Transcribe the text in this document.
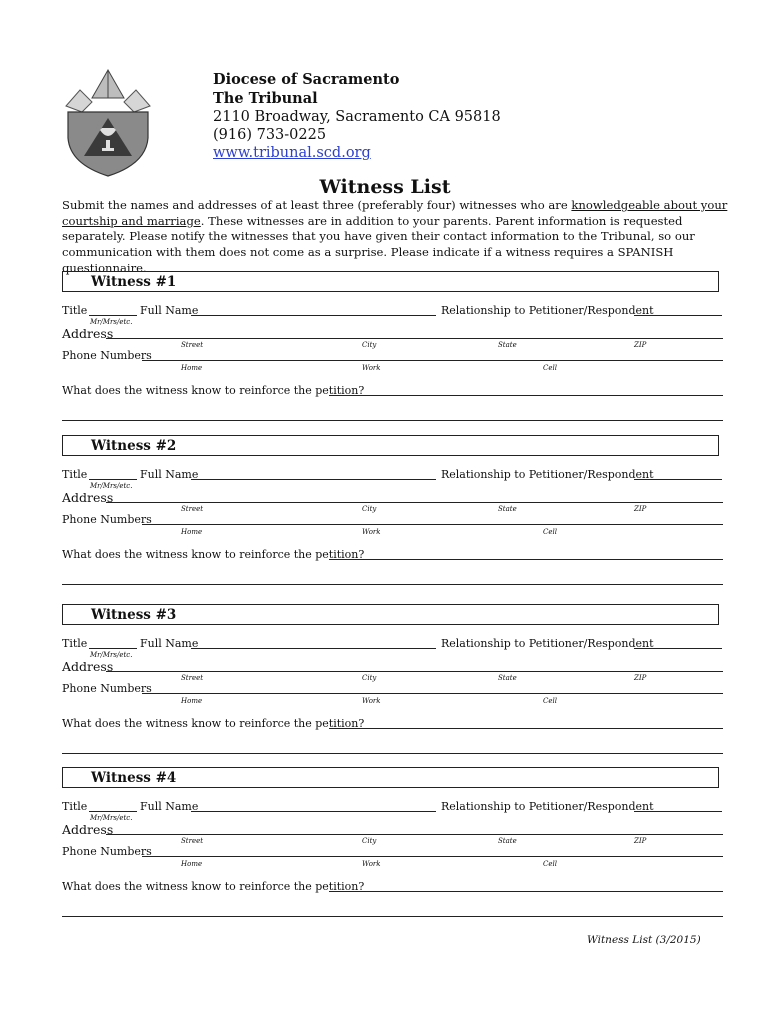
Diocese of Sacramento
The Tribunal
2110 Broadway, Sacramento CA 95818
(916) 733-0225
www.tribunal.scd.org
Witness List
Submit the names and addresses of at least three (preferably four) witnesses who are knowledgeable about your courtship and marriage. These witnesses are in addition to your parents. Parent information is requested separately. Please notify the witnesses that you have given their contact information to the Tribunal, so our communication with them does not come as a surprise. Please indicate if a witness requires a SPANISH questionnaire.
Witness #1
Title
Mr/Mrs/etc.
Full Name	Relationship to Petitioner/Respondent
Address
Street	City	State	ZIP
Phone Numbers
Home	Work	Cell
What does the witness know to reinforce the petition?
Witness #2
Title
Mr/Mrs/etc.
Full Name	Relationship to Petitioner/Respondent
Address
Street	City	State	ZIP
Phone Numbers
Home	Work	Cell
What does the witness know to reinforce the petition?
Witness #3
Title
Mr/Mrs/etc.
Full Name	Relationship to Petitioner/Respondent
Address
Street	City	State	ZIP
Phone Numbers
Home	Work	Cell
What does the witness know to reinforce the petition?
Witness #4
Title
Mr/Mrs/etc.
Full Name	Relationship to Petitioner/Respondent
Address
Street	City	State	ZIP
Phone Numbers
Home	Work	Cell
What does the witness know to reinforce the petition?
Witness List (3/2015)
